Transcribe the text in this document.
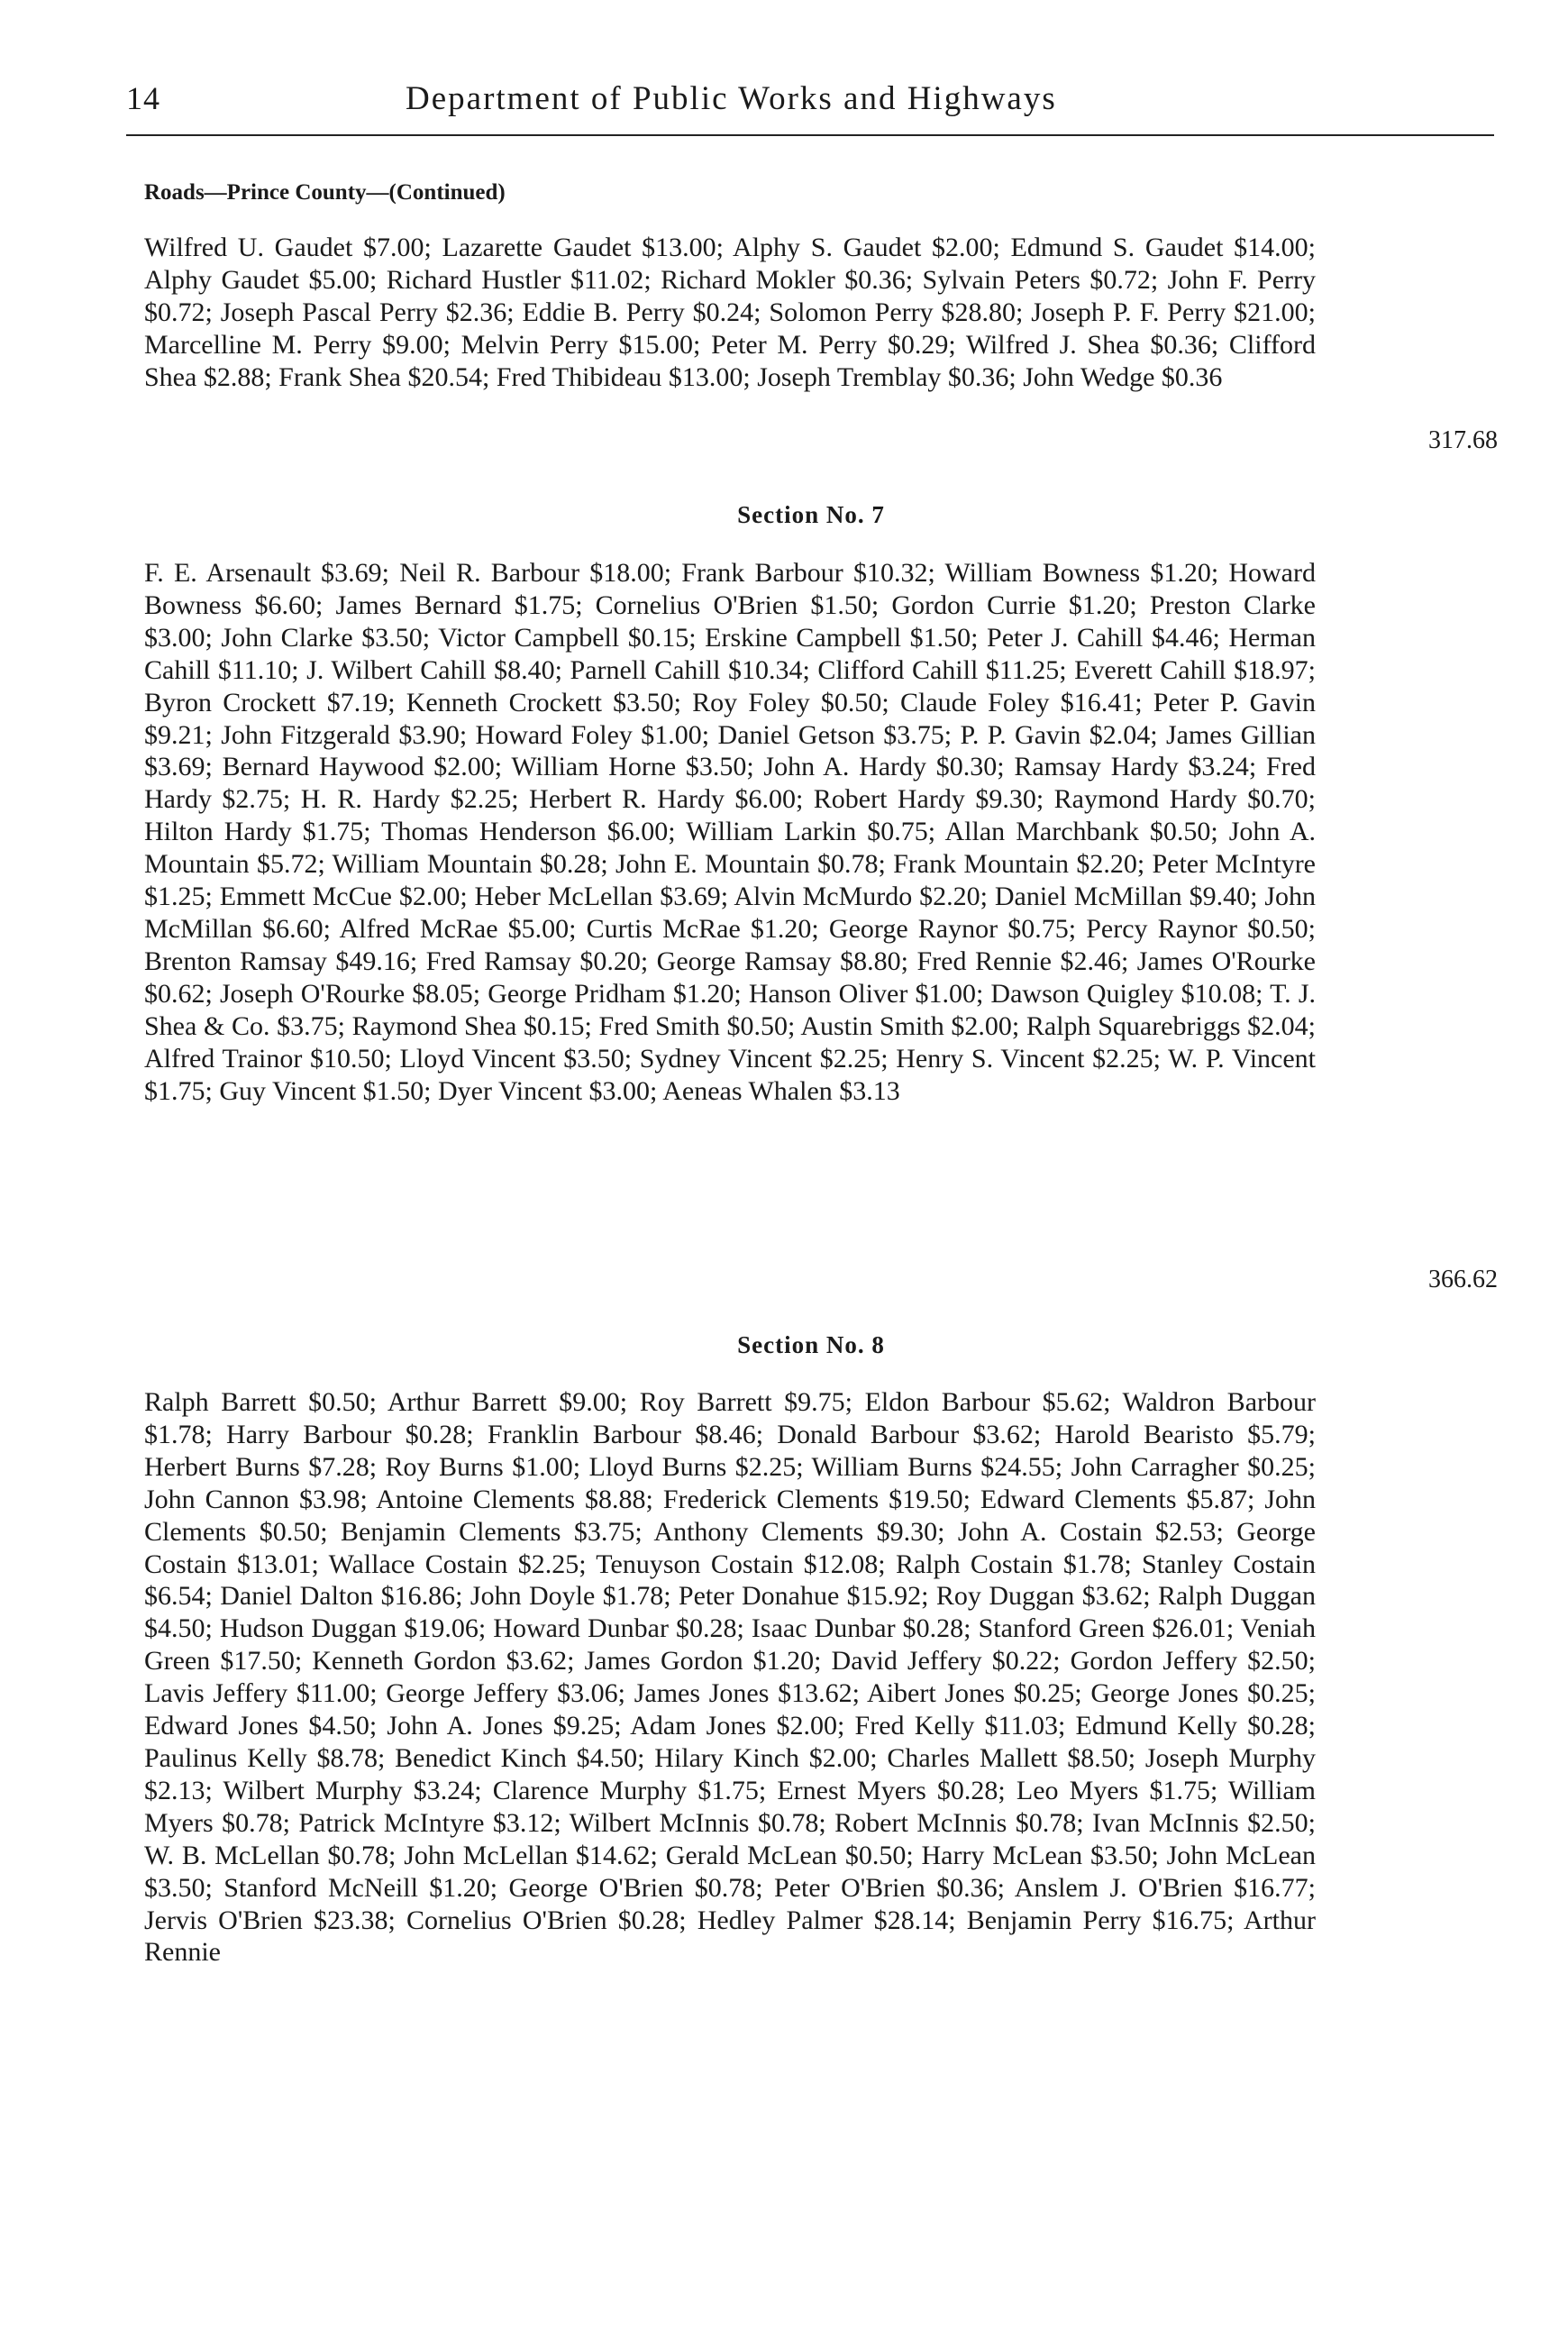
14	Department of Public Works and Highways
Roads—Prince County—(Continued)
Wilfred U. Gaudet $7.00; Lazarette Gaudet $13.00; Alphy S. Gaudet $2.00; Edmund S. Gaudet $14.00; Alphy Gaudet $5.00; Richard Hustler $11.02; Richard Mokler $0.36; Sylvain Peters $0.72; John F. Perry $0.72; Joseph Pascal Perry $2.36; Eddie B. Perry $0.24; Solomon Perry $28.80; Joseph P. F. Perry $21.00; Marcelline M. Perry $9.00; Melvin Perry $15.00; Peter M. Perry $0.29; Wilfred J. Shea $0.36; Clifford Shea $2.88; Frank Shea $20.54; Fred Thibideau $13.00; Joseph Tremblay $0.36; John Wedge $0.36
317.68
Section No. 7
F. E. Arsenault $3.69; Neil R. Barbour $18.00; Frank Barbour $10.32; William Bowness $1.20; Howard Bowness $6.60; James Bernard $1.75; Cornelius O'Brien $1.50; Gordon Currie $1.20; Preston Clarke $3.00; John Clarke $3.50; Victor Campbell $0.15; Erskine Campbell $1.50; Peter J. Cahill $4.46; Herman Cahill $11.10; J. Wilbert Cahill $8.40; Parnell Cahill $10.34; Clifford Cahill $11.25; Everett Cahill $18.97; Byron Crockett $7.19; Kenneth Crockett $3.50; Roy Foley $0.50; Claude Foley $16.41; Peter P. Gavin $9.21; John Fitzgerald $3.90; Howard Foley $1.00; Daniel Getson $3.75; P. P. Gavin $2.04; James Gillian $3.69; Bernard Haywood $2.00; William Horne $3.50; John A. Hardy $0.30; Ramsay Hardy $3.24; Fred Hardy $2.75; H. R. Hardy $2.25; Herbert R. Hardy $6.00; Robert Hardy $9.30; Raymond Hardy $0.70; Hilton Hardy $1.75; Thomas Henderson $6.00; William Larkin $0.75; Allan Marchbank $0.50; John A. Mountain $5.72; William Mountain $0.28; John E. Mountain $0.78; Frank Mountain $2.20; Peter McIntyre $1.25; Emmett McCue $2.00; Heber McLellan $3.69; Alvin McMurdo $2.20; Daniel McMillan $9.40; John McMillan $6.60; Alfred McRae $5.00; Curtis McRae $1.20; George Raynor $0.75; Percy Raynor $0.50; Brenton Ramsay $49.16; Fred Ramsay $0.20; George Ramsay $8.80; Fred Rennie $2.46; James O'Rourke $0.62; Joseph O'Rourke $8.05; George Pridham $1.20; Hanson Oliver $1.00; Dawson Quigley $10.08; T. J. Shea & Co. $3.75; Raymond Shea $0.15; Fred Smith $0.50; Austin Smith $2.00; Ralph Squarebriggs $2.04; Alfred Trainor $10.50; Lloyd Vincent $3.50; Sydney Vincent $2.25; Henry S. Vincent $2.25; W. P. Vincent $1.75; Guy Vincent $1.50; Dyer Vincent $3.00; Aeneas Whalen $3.13
366.62
Section No. 8
Ralph Barrett $0.50; Arthur Barrett $9.00; Roy Barrett $9.75; Eldon Barbour $5.62; Waldron Barbour $1.78; Harry Barbour $0.28; Franklin Barbour $8.46; Donald Barbour $3.62; Harold Bearisto $5.79; Herbert Burns $7.28; Roy Burns $1.00; Lloyd Burns $2.25; William Burns $24.55; John Carragher $0.25; John Cannon $3.98; Antoine Clements $8.88; Frederick Clements $19.50; Edward Clements $5.87; John Clements $0.50; Benjamin Clements $3.75; Anthony Clements $9.30; John A. Costain $2.53; George Costain $13.01; Wallace Costain $2.25; Tenuyson Costain $12.08; Ralph Costain $1.78; Stanley Costain $6.54; Daniel Dalton $16.86; John Doyle $1.78; Peter Donahue $15.92; Roy Duggan $3.62; Ralph Duggan $4.50; Hudson Duggan $19.06; Howard Dunbar $0.28; Isaac Dunbar $0.28; Stanford Green $26.01; Veniah Green $17.50; Kenneth Gordon $3.62; James Gordon $1.20; David Jeffery $0.22; Gordon Jeffery $2.50; Lavis Jeffery $11.00; George Jeffery $3.06; James Jones $13.62; Aibert Jones $0.25; George Jones $0.25; Edward Jones $4.50; John A. Jones $9.25; Adam Jones $2.00; Fred Kelly $11.03; Edmund Kelly $0.28; Paulinus Kelly $8.78; Benedict Kinch $4.50; Hilary Kinch $2.00; Charles Mallett $8.50; Joseph Murphy $2.13; Wilbert Murphy $3.24; Clarence Murphy $1.75; Ernest Myers $0.28; Leo Myers $1.75; William Myers $0.78; Patrick McIntyre $3.12; Wilbert McInnis $0.78; Robert McInnis $0.78; Ivan McInnis $2.50; W. B. McLellan $0.78; John McLellan $14.62; Gerald McLean $0.50; Harry McLean $3.50; John McLean $3.50; Stanford McNeill $1.20; George O'Brien $0.78; Peter O'Brien $0.36; Anslem J. O'Brien $16.77; Jervis O'Brien $23.38; Cornelius O'Brien $0.28; Hedley Palmer $28.14; Benjamin Perry $16.75; Arthur Rennie
